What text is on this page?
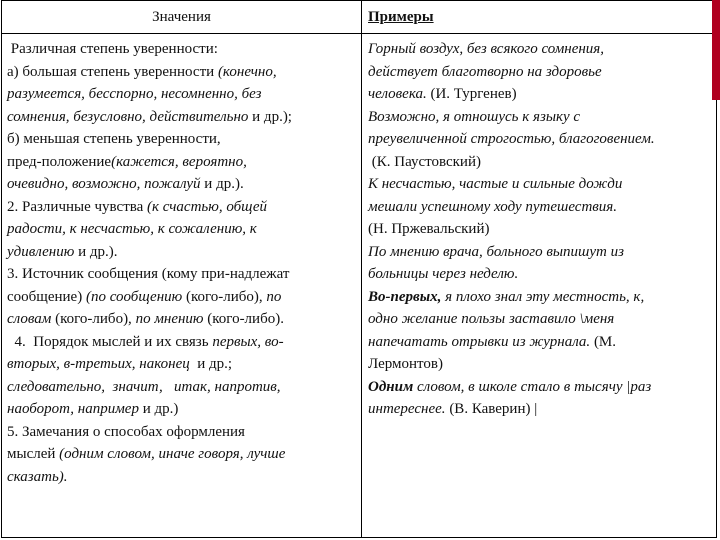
Значения	Примеры
Различная степень уверенности:
а) большая степень уверенности (конечно,
разумеется, бесспорно, несомненно, без
сомнения, безусловно, действительно и др.);
б) меньшая степень уверенности,
пред-положение(кажется, вероятно,
очевидно, возможно, пожалуй и др.).
2. Различные чувства (к счастью, общей
радости, к несчастью, к сожалению, к
удивлению и др.).
3. Источник сообщения (кому при-надлежат
сообщение) (по сообщению (кого-либо), по
словам (кого-либо), по мнению (кого-либо).
4.  Порядок мыслей и их связь первых, во-
вторых, в-третьих, наконец  и др.;
следовательно,  значит,   итак, напротив,
наоборот, например и др.)
5. Замечания о способах оформления
мыслей (одним словом, иначе говоря, лучше
сказать).
Горный воздух, без всякого сомнения,
действует благотворно на здоровье
человека. (И. Тургенев)
Возможно, я отношусь к языку с
преувеличенной строгостью, благоговением.
(К. Паустовский)
К несчастью, частые и сильные дожди
мешали успешному ходу путешествия.
(Н. Пржевальский)
По мнению врача, больного выпишут из
больницы через неделю.
Во-первых, я плохо знал эту местность, к,
одно желание пользы заставило \меня
напечатать отрывки из журнала. (М.
Лермонтов)
Одним словом, в школе стало в тысячу |раз
интереснее. (В. Каверин) |
